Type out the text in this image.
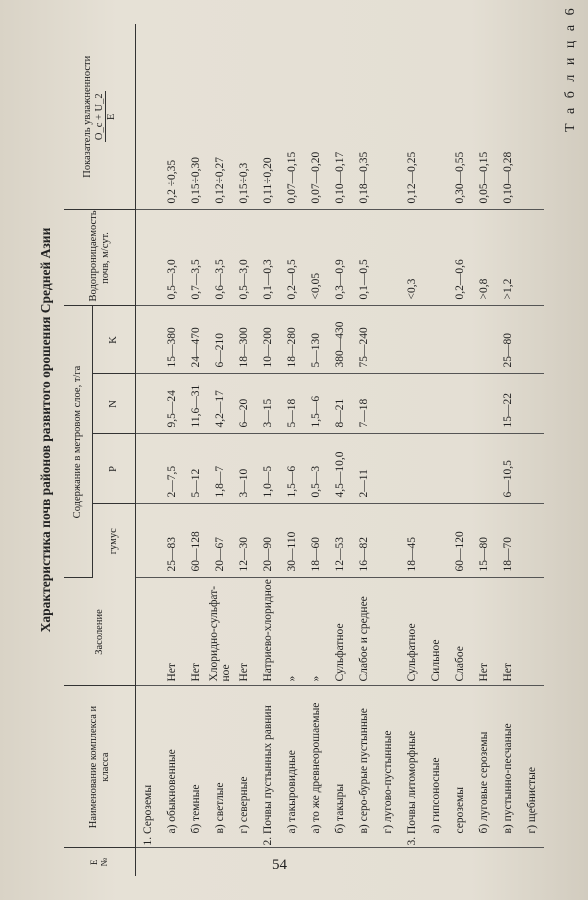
Т а б л и ц а 6
Характеристика почв районов развитого орошения Средней Азии
E
№	Наименование комплекса и класса	Засоление	Содержание в метровом слое, т/га				Водопроницаемость почв, м/сут.	Показатель увлажненности O_c + U_2 E

			гумус	P	N	K		
	1. Сероземы							
	а) обыкновенные	Нет	25—83	2—7,5	9,5—24	15—380	0,5—3,0	0,2 ÷0,35
	б) темные	Нет	60—128	5—12	11,6—31	24—470	0,7—3,5	0,15÷0,30
	в) светлые	Хлоридно-сульфат-ное	20—67	1,8—7	4,2—17	6—210	0,6—3,5	0,12÷0,27
	г) северные	Нет	12—30	3—10	6—20	18—300	0,5—3,0	0,15÷0,3
	2. Почвы пустынных равнин	Натриево-хлоридное	20—90	1,0—5	3—15	10—200	0,1—0,3	0,11÷0,20
	а) такыровидные	»	30—110	1,5—6	5—18	18—280	0,2—0,5	0,07—0,15
	а) то же древнеорошаемые	»	18—60	0,5—3	1,5—6	5—130	<0,05	0,07—0,20
	б) такыры	Сульфатное	12—53	4,5—10,0	8—21	380—430	0,3—0,9	0,10—0,17
	в) серо-бурые пустынные	Слабое и среднее	16—82	2—11	7—18	75—240	0,1—0,5	0,18—0,35
	г) лугово-пустынные							
	3. Почвы литоморфные	Сульфатное	18—45				<0,3	0,12—0,25
	а) гипсоносные	Сильное						
	сероземы	Слабое	60—120				0,2—0,6	0,30—0,55
	б) луговые сероземы	Нет	15—80				>0,8	0,05—0,15
	в) пустынно-песчаные	Нет	18—70	6—10,5	15—22	25—80	>1,2	0,10—0,28
	г) щебнистые							
54
